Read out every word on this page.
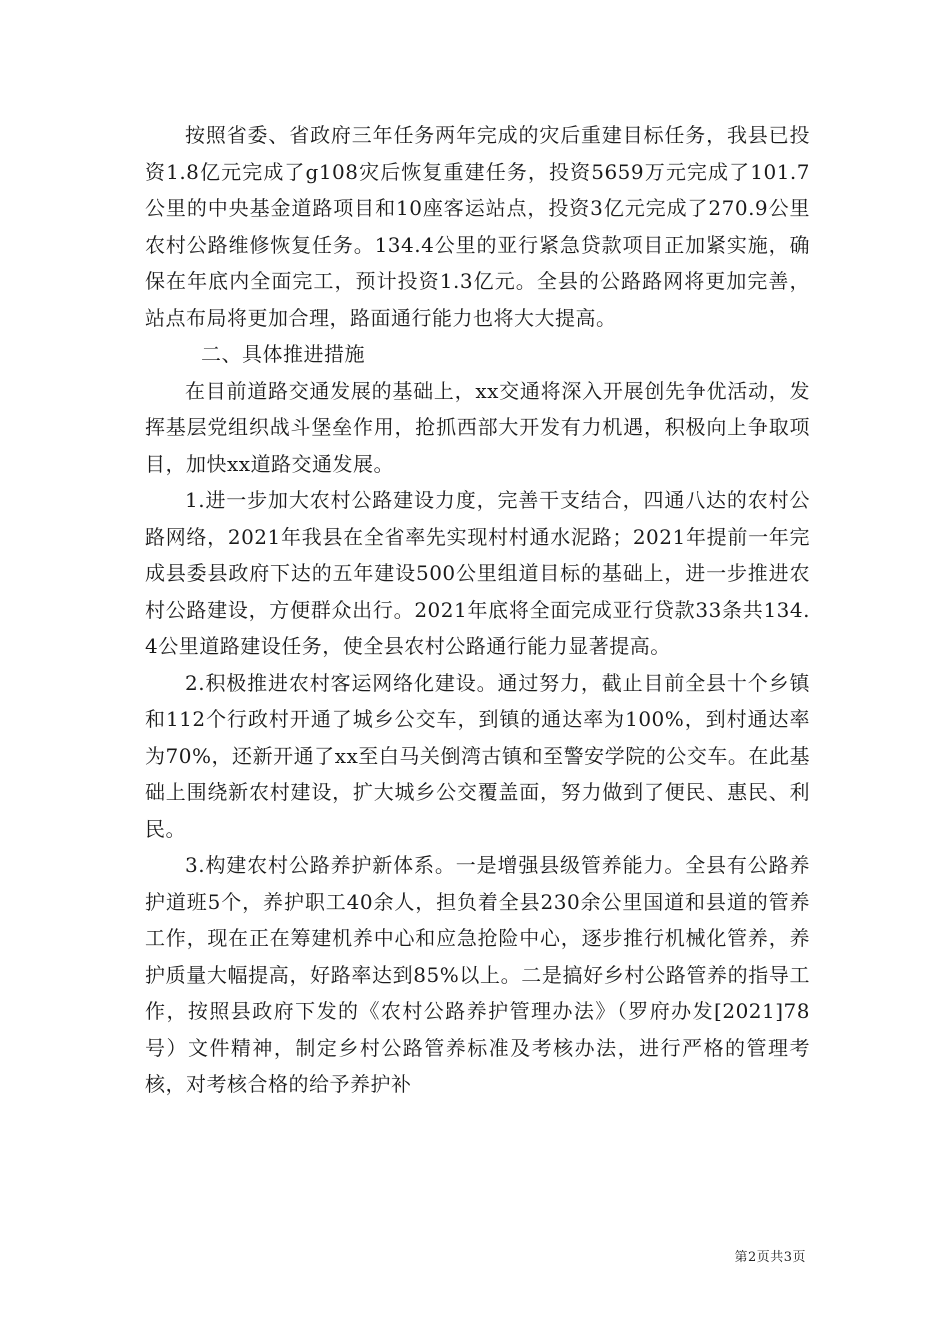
按照省委、省政府三年任务两年完成的灾后重建目标任务，我县已投资1.8亿元完成了g108灾后恢复重建任务，投资5659万元完成了101.7公里的中央基金道路项目和10座客运站点，投资3亿元完成了270.9公里农村公路维修恢复任务。134.4公里的亚行紧急贷款项目正加紧实施，确保在年底内全面完工，预计投资1.3亿元。全县的公路路网将更加完善，站点布局将更加合理，路面通行能力也将大大提高。

二、具体推进措施

在目前道路交通发展的基础上，xx交通将深入开展创先争优活动，发挥基层党组织战斗堡垒作用，抢抓西部大开发有力机遇，积极向上争取项目，加快xx道路交通发展。

1.进一步加大农村公路建设力度，完善干支结合，四通八达的农村公路网络，2021年我县在全省率先实现村村通水泥路；2021年提前一年完成县委县政府下达的五年建设500公里组道目标的基础上，进一步推进农村公路建设，方便群众出行。2021年底将全面完成亚行贷款33条共134.4公里道路建设任务，使全县农村公路通行能力显著提高。

2.积极推进农村客运网络化建设。通过努力，截止目前全县十个乡镇和112个行政村开通了城乡公交车，到镇的通达率为100%，到村通达率为70%，还新开通了xx至白马关倒湾古镇和至警安学院的公交车。在此基础上围绕新农村建设，扩大城乡公交覆盖面，努力做到了便民、惠民、利民。

3.构建农村公路养护新体系。一是增强县级管养能力。全县有公路养护道班5个，养护职工40余人，担负着全县230余公里国道和县道的管养工作，现在正在筹建机养中心和应急抢险中心，逐步推行机械化管养，养护质量大幅提高，好路率达到85%以上。二是搞好乡村公路管养的指导工作，按照县政府下发的《农村公路养护管理办法》（罗府办发[2021]78号）文件精神，制定乡村公路管养标准及考核办法，进行严格的管理考核，对考核合格的给予养护补

第2页共3页
